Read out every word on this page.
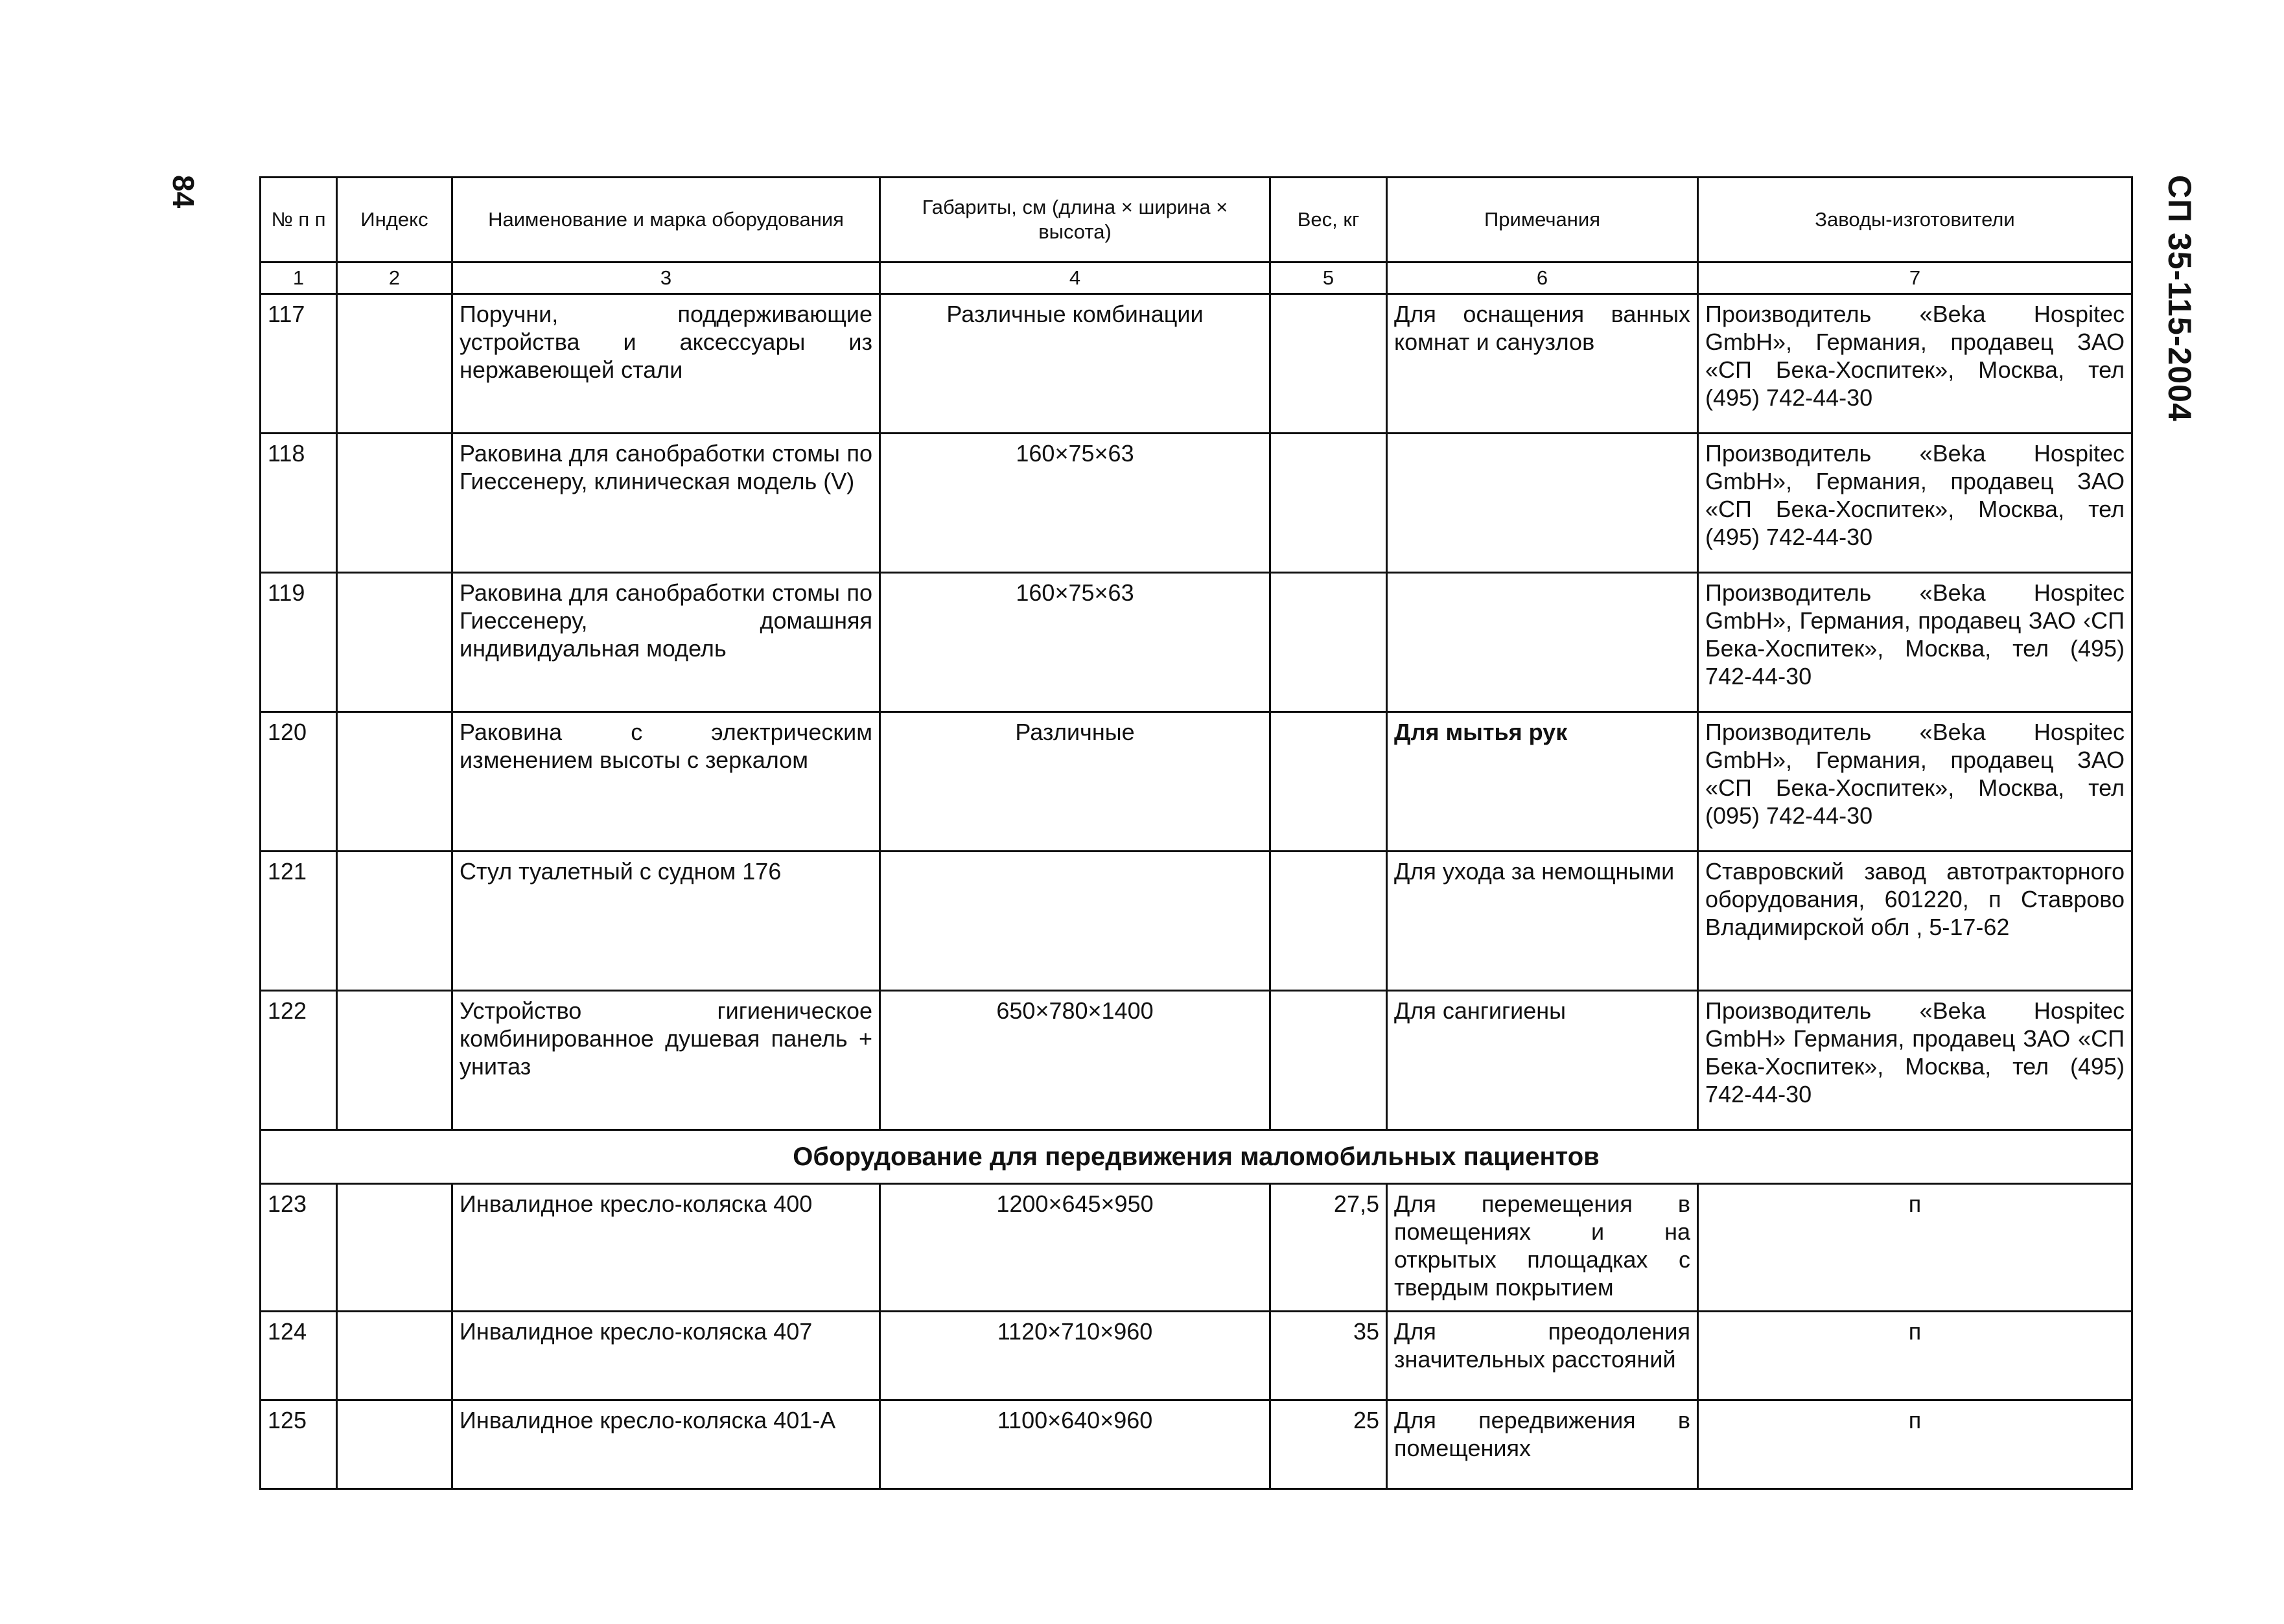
84	СП 35-115-2004
№ п п	Индекс	Наименование и марка оборудования	Габариты, см (длина × ширина × высота)	Вес, кг	Примечания	Заводы-изготовители
1	2	3	4	5	6	7
117		Поручни, поддерживающие устройства и аксессуары из нержавеющей стали	Различные комбинации		Для оснащения ванных комнат и санузлов	Производитель «Beka Hospitec GmbH», Германия, продавец ЗАО «СП Бека-Хоспитек», Москва, тел (495) 742-44-30
118		Раковина для санобработки стомы по Гиессенеру, клиническая модель (V)	160×75×63			Производитель «Beka Hospitec GmbH», Германия, продавец ЗАО «СП Бека-Хоспитек», Москва, тел (495) 742-44-30
119		Раковина для санобработки стомы по Гиессенеру, домашняя индивидуальная модель	160×75×63			Производитель «Beka Hospitec GmbH», Германия, продавец ЗАО ‹СП Бека-Хоспитек», Москва, тел (495) 742-44-30
120		Раковина с электрическим изменением высоты с зеркалом	Различные		Для мытья рук	Производитель «Beka Hospitec GmbH», Германия, продавец ЗАО «СП Бека-Хоспитек», Москва, тел (095) 742-44-30
121		Стул туалетный с судном 176			Для ухода за немощными	Ставровский завод автотракторного оборудования, 601220, п Ставрово Владимирской обл , 5-17-62
122		Устройство гигиеническое комбинированное душевая панель + унитаз	650×780×1400		Для сангигиены	Производитель «Beka Hospitec GmbH» Германия, продавец ЗАО «СП Бека-Хоспитек», Москва, тел (495) 742-44-30
Оборудование для передвижения маломобильных пациентов						
123		Инвалидное кресло-коляска 400	1200×645×950	27,5	Для перемещения в помещениях и на открытых площадках с твердым покрытием	п
124		Инвалидное кресло-коляска 407	1120×710×960	35	Для преодоления значительных расстояний	п
125		Инвалидное кресло-коляска 401-А	1100×640×960	25	Для передвижения в помещениях	п
